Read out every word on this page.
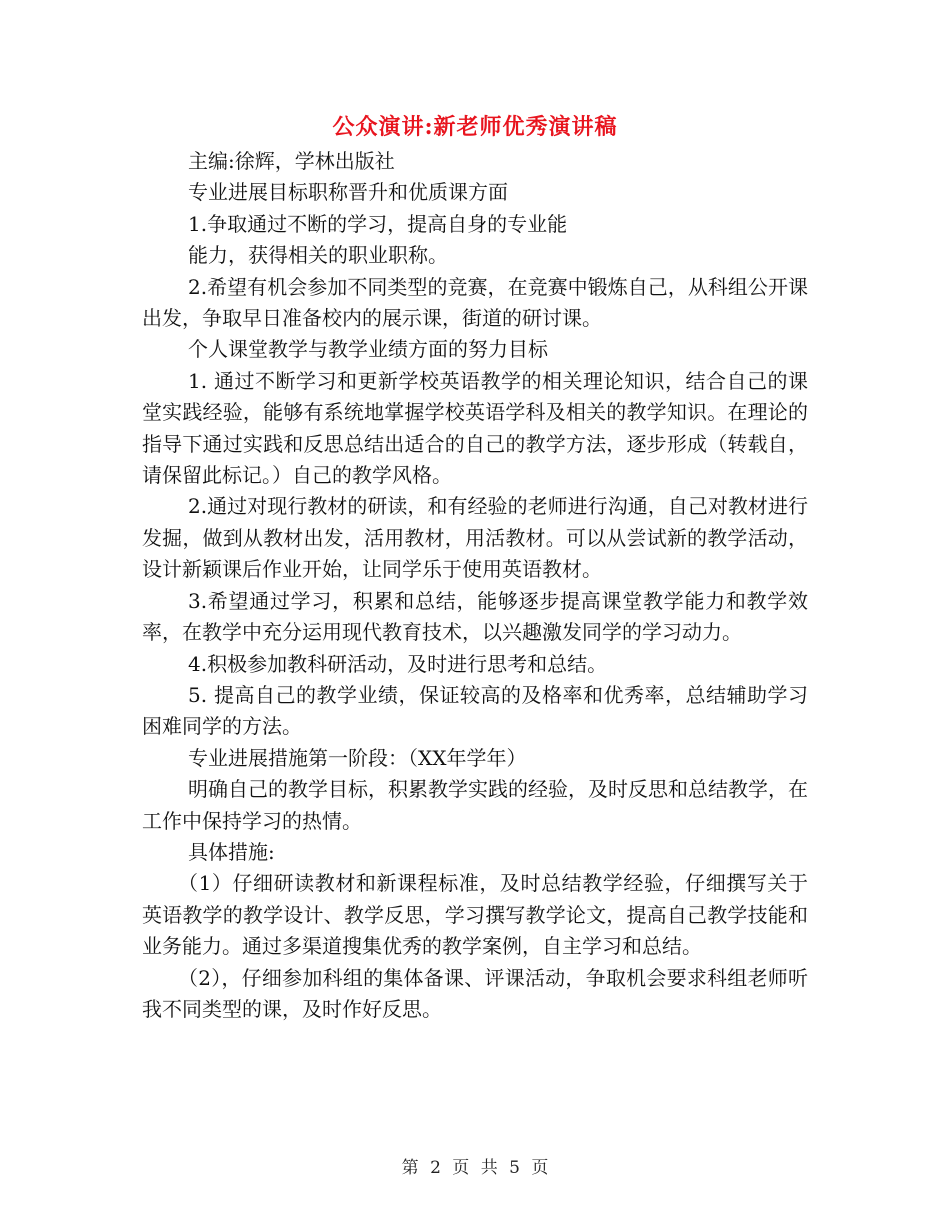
公众演讲:新老师优秀演讲稿

主编:徐辉，学林出版社

专业进展目标职称晋升和优质课方面

1.争取通过不断的学习，提高自身的专业能

能力，获得相关的职业职称。

2.希望有机会参加不同类型的竞赛，在竞赛中锻炼自己，从科组公开课出发，争取早日准备校内的展示课，街道的研讨课。

个人课堂教学与教学业绩方面的努力目标

1. 通过不断学习和更新学校英语教学的相关理论知识，结合自己的课堂实践经验，能够有系统地掌握学校英语学科及相关的教学知识。在理论的指导下通过实践和反思总结出适合的自己的教学方法，逐步形成（转载自，请保留此标记。）自己的教学风格。

2.通过对现行教材的研读，和有经验的老师进行沟通，自己对教材进行发掘，做到从教材出发，活用教材，用活教材。可以从尝试新的教学活动，设计新颖课后作业开始，让同学乐于使用英语教材。

3.希望通过学习，积累和总结，能够逐步提高课堂教学能力和教学效率，在教学中充分运用现代教育技术，以兴趣激发同学的学习动力。

4.积极参加教科研活动，及时进行思考和总结。

5. 提高自己的教学业绩，保证较高的及格率和优秀率，总结辅助学习困难同学的方法。

专业进展措施第一阶段：（XX年学年）

明确自己的教学目标，积累教学实践的经验，及时反思和总结教学，在工作中保持学习的热情。

具体措施:

（1）仔细研读教材和新课程标准，及时总结教学经验，仔细撰写关于英语教学的教学设计、教学反思，学习撰写教学论文，提高自己教学技能和业务能力。通过多渠道搜集优秀的教学案例，自主学习和总结。

（2），仔细参加科组的集体备课、评课活动，争取机会要求科组老师听我不同类型的课，及时作好反思。

第 2 页 共 5 页
